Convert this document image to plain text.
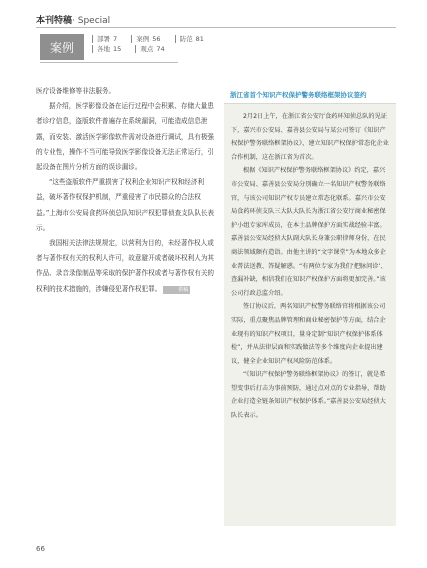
本刊特稿· Special
案例
部署 7	案例 56	防范 81
各地 15	观点 74

医疗设备维修等非法服务。

据介绍，医学影像设备在运行过程中会积累、存储大量患者诊疗信息，盗版软件普遍存在系统漏洞，可能造成信息泄露，而安装、激活医学影像软件需对设备进行调试，具有极强的专业性，操作不当可能导致医学影像设备无法正常运行，引起设备在图片分析方面的误诊漏诊。

“这些盗版软件严重损害了权利企业知识产权和经济利益，破坏著作权保护机制，严重侵害了市民群众的合法权益。”上海市公安局食药环侦总队知识产权犯罪侦查支队队长表示。

我国相关法律法规规定，以营利为目的，未经著作权人或者与著作权有关的权利人许可，故意避开或者破坏权利人为其作品、录音录像制品等采取的保护著作权或者与著作权有关的权利的技术措施的，涉嫌侵犯著作权犯罪。	供稿

浙江省首个知识产权保护警务联络框架协议签约

2月2日上午，在浙江省公安厅食药环知侦总队的见证下，嘉兴市公安局、嘉善县公安局与某公司签订《知识产权保护警务联络框架协议》，建立知识产权保护常态化企业合作机制，这在浙江省为首次。

根据《知识产权保护警务联络框架协议》约定，嘉兴市公安局、嘉善县公安局分别确立一名知识产权警务联络官，与该公司知识产权专员建立常态化联系。嘉兴市公安局食药环侦支队三大队大队长为浙江省公安厅商业秘密保护小组专家库成员，在本土品牌保护方面实战经验丰富。嘉善县公安局经侦大队副大队长身兼公职律师身份，在民商法领域颇有造诣。由他主讲的“文字课堂”为本地众多企业普法送教、答疑解惑。“有两位专家为我们‘把脉问诊’、查漏补缺，相信我们在知识产权保护方面将更加完善。”该公司行政总监介绍。

签订协议后，两名知识产权警务联络官将根据该公司实际，重点聚焦品牌管理和商业秘密保护等方面，结合企业现有的知识产权项目，量身定制“知识产权保护体系体检”，并从法律层面和实践做法等多个维度向企业提出建议，健全企业知识产权风险防范体系。

“《知识产权保护警务联络框架协议》的签订，就是希望变事后打击为事前预防，通过点对点的专业指导，帮助企业打造全链条知识产权保护体系。”嘉善县公安局经侦大队长表示。

66
